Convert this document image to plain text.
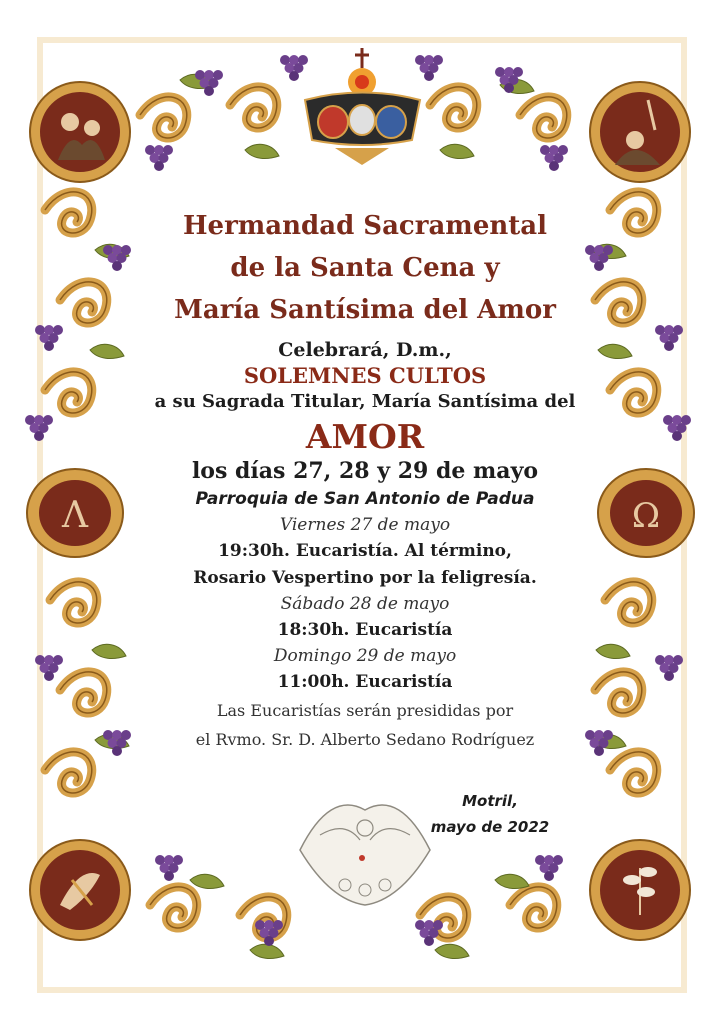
Λ	Ω
Hermandad Sacramental
de la Santa Cena y
María Santísima del Amor
Celebrará, D.m.,
SOLEMNES CULTOS
a su Sagrada Titular, María Santísima del
AMOR
los días 27, 28 y 29 de mayo
Parroquia de San Antonio de Padua
Viernes 27 de mayo
19:30h. Eucaristía. Al término,
Rosario Vespertino por la feligresía.
Sábado 28 de mayo
18:30h. Eucaristía
Domingo 29 de mayo
11:00h. Eucaristía
Las Eucaristías serán presididas por
el Rvmo. Sr. D. Alberto Sedano Rodríguez
Motril,
mayo de 2022
